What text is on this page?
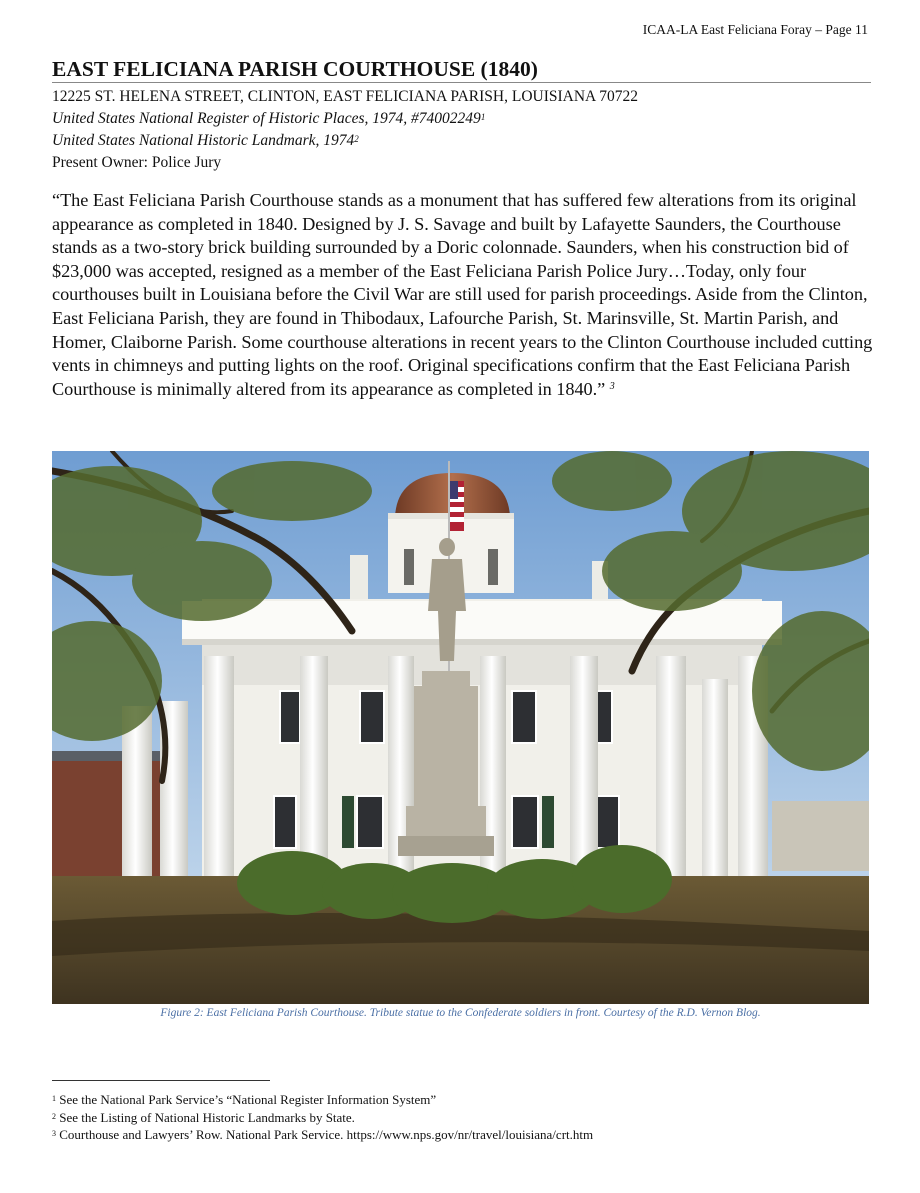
ICAA-LA East Feliciana Foray – Page 11
EAST FELICIANA PARISH COURTHOUSE (1840)
12225 ST. HELENA STREET, CLINTON, EAST FELICIANA PARISH, LOUISIANA 70722
United States National Register of Historic Places, 1974, #74002249$^1$
United States National Historic Landmark, 1974$^2$
Present Owner: Police Jury

“The East Feliciana Parish Courthouse stands as a monument that has suffered few alterations from its original appearance as completed in 1840. Designed by J. S. Savage and built by Lafayette Saunders, the Courthouse stands as a two-story brick building surrounded by a Doric colonnade. Saunders, when his construction bid of $23,000 was accepted, resigned as a member of the East Feliciana Parish Police Jury…Today, only four courthouses built in Louisiana before the Civil War are still used for parish proceedings. Aside from the Clinton, East Feliciana Parish, they are found in Thibodaux, Lafourche Parish, St. Marinsville, St. Martin Parish, and Homer, Claiborne Parish. Some courthouse alterations in recent years to the Clinton Courthouse included cutting vents in chimneys and putting lights on the roof. Original specifications confirm that the East Feliciana Parish Courthouse is minimally altered from its appearance as completed in 1840.” $^3$

Figure 2: East Feliciana Parish Courthouse. Tribute statue to the Confederate soldiers in front. Courtesy of the R.D. Vernon Blog.
$^1$ See the National Park Service’s “National Register Information System”
$^2$ See the Listing of National Historic Landmarks by State.
$^3$ Courthouse and Lawyers’ Row. National Park Service. https://www.nps.gov/nr/travel/louisiana/crt.htm
